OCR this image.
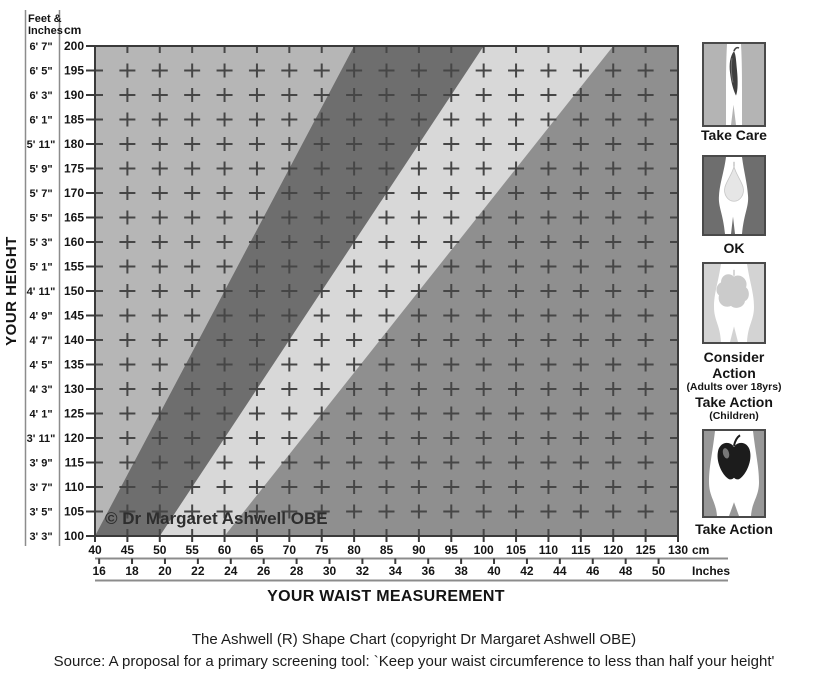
© Dr Margaret Ashwell OBE
Feet &
Inches cm
200
6' 7"
195
6' 5"
190
6' 3"
185
6' 1"
180
5' 11"
175
5' 9"
170
5' 7"
165
5' 5"
160
5' 3"
155
5' 1"
150
4' 11"
145
4' 9"
140
4' 7"
135
4' 5"
130
4' 3"
125
4' 1"
120
3' 11"
115
3' 9"
110
3' 7"
105
3' 5"
100
3' 3"
YOUR HEIGHT
40 45 50 55 60 65 70 75 80 85 90 95 100 105 110 115 120 125 130 cm
16 18 20 22 24 26 28 30 32 34 36 38 40 42 44 46 48 50 Inches
YOUR WAIST MEASUREMENT
Take Care
OK
Consider
Action
(Adults over 18yrs)
Take Action
(Children)
Take Action
The Ashwell (R) Shape Chart (copyright Dr Margaret Ashwell OBE)
Source: A proposal for a primary screening tool: `Keep your waist circumference to less than half your height'
